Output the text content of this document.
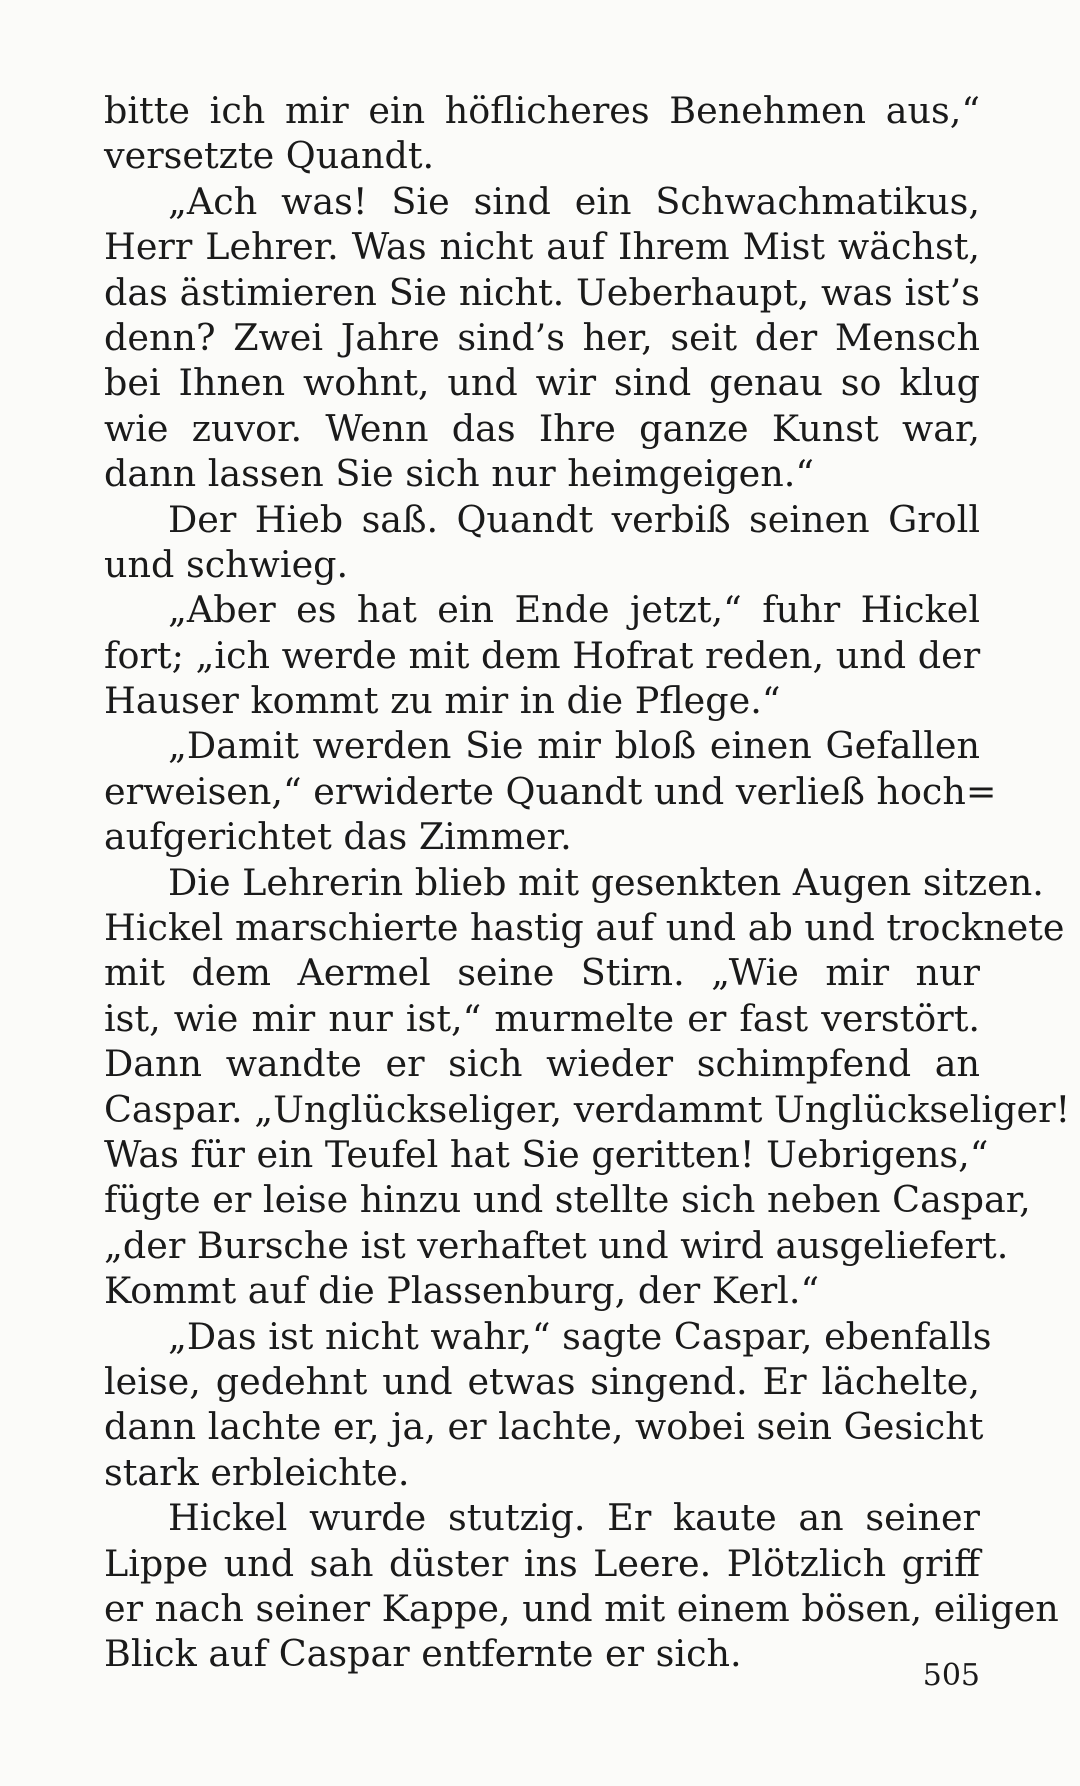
bitte ich mir ein höflicheres Benehmen aus,“
versetzte Quandt.
„Ach was! Sie sind ein Schwachmatikus,
Herr Lehrer. Was nicht auf Ihrem Mist wächst,
das ästimieren Sie nicht. Ueberhaupt, was ist’s
denn? Zwei Jahre sind’s her, seit der Mensch
bei Ihnen wohnt, und wir sind genau so klug
wie zuvor. Wenn das Ihre ganze Kunst war,
dann lassen Sie sich nur heimgeigen.“
Der Hieb saß. Quandt verbiß seinen Groll
und schwieg.
„Aber es hat ein Ende jetzt,“ fuhr Hickel
fort; „ich werde mit dem Hofrat reden, und der
Hauser kommt zu mir in die Pflege.“
„Damit werden Sie mir bloß einen Gefallen
erweisen,“ erwiderte Quandt und verließ hoch=
aufgerichtet das Zimmer.
Die Lehrerin blieb mit gesenkten Augen sitzen.
Hickel marschierte hastig auf und ab und trocknete
mit dem Aermel seine Stirn. „Wie mir nur
ist, wie mir nur ist,“ murmelte er fast verstört.
Dann wandte er sich wieder schimpfend an
Caspar. „Unglückseliger, verdammt Unglückseliger!
Was für ein Teufel hat Sie geritten! Uebrigens,“
fügte er leise hinzu und stellte sich neben Caspar,
„der Bursche ist verhaftet und wird ausgeliefert.
Kommt auf die Plassenburg, der Kerl.“
„Das ist nicht wahr,“ sagte Caspar, ebenfalls
leise, gedehnt und etwas singend. Er lächelte,
dann lachte er, ja, er lachte, wobei sein Gesicht
stark erbleichte.
Hickel wurde stutzig. Er kaute an seiner
Lippe und sah düster ins Leere. Plötzlich griff
er nach seiner Kappe, und mit einem bösen, eiligen
Blick auf Caspar entfernte er sich.
505
